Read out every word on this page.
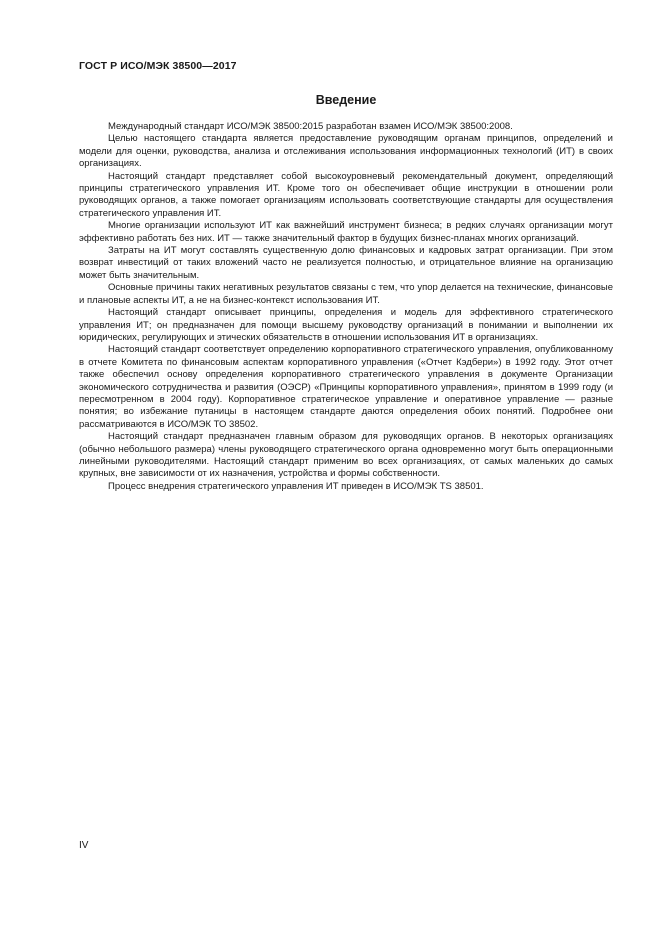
ГОСТ Р ИСО/МЭК 38500—2017
Введение

Международный стандарт ИСО/МЭК 38500:2015 разработан взамен ИСО/МЭК 38500:2008.

Целью настоящего стандарта является предоставление руководящим органам принципов, определений и модели для оценки, руководства, анализа и отслеживания использования информационных технологий (ИТ) в своих организациях.

Настоящий стандарт представляет собой высокоуровневый рекомендательный документ, определяющий принципы стратегического управления ИТ. Кроме того он обеспечивает общие инструкции в отношении роли руководящих органов, а также помогает организациям использовать соответствующие стандарты для осуществления стратегического управления ИТ.

Многие организации используют ИТ как важнейший инструмент бизнеса; в редких случаях организации могут эффективно работать без них. ИТ — также значительный фактор в будущих бизнес-планах многих организаций.

Затраты на ИТ могут составлять существенную долю финансовых и кадровых затрат организации. При этом возврат инвестиций от таких вложений часто не реализуется полностью, и отрицательное влияние на организацию может быть значительным.

Основные причины таких негативных результатов связаны с тем, что упор делается на технические, финансовые и плановые аспекты ИТ, а не на бизнес-контекст использования ИТ.

Настоящий стандарт описывает принципы, определения и модель для эффективного стратегического управления ИТ; он предназначен для помощи высшему руководству организаций в понимании и выполнении их юридических, регулирующих и этических обязательств в отношении использования ИТ в организациях.

Настоящий стандарт соответствует определению корпоративного стратегического управления, опубликованному в отчете Комитета по финансовым аспектам корпоративного управления («Отчет Кэдбери») в 1992 году. Этот отчет также обеспечил основу определения корпоративного стратегического управления в документе Организации экономического сотрудничества и развития (ОЭСР) «Принципы корпоративного управления», принятом в 1999 году (и пересмотренном в 2004 году). Корпоративное стратегическое управление и оперативное управление — разные понятия; во избежание путаницы в настоящем стандарте даются определения обоих понятий. Подробнее они рассматриваются в ИСО/МЭК ТО 38502.

Настоящий стандарт предназначен главным образом для руководящих органов. В некоторых организациях (обычно небольшого размера) члены руководящего стратегического органа одновременно могут быть операционными линейными руководителями. Настоящий стандарт применим во всех организациях, от самых маленьких до самых крупных, вне зависимости от их назначения, устройства и формы собственности.

Процесс внедрения стратегического управления ИТ приведен в ИСО/МЭК TS 38501.

IV
